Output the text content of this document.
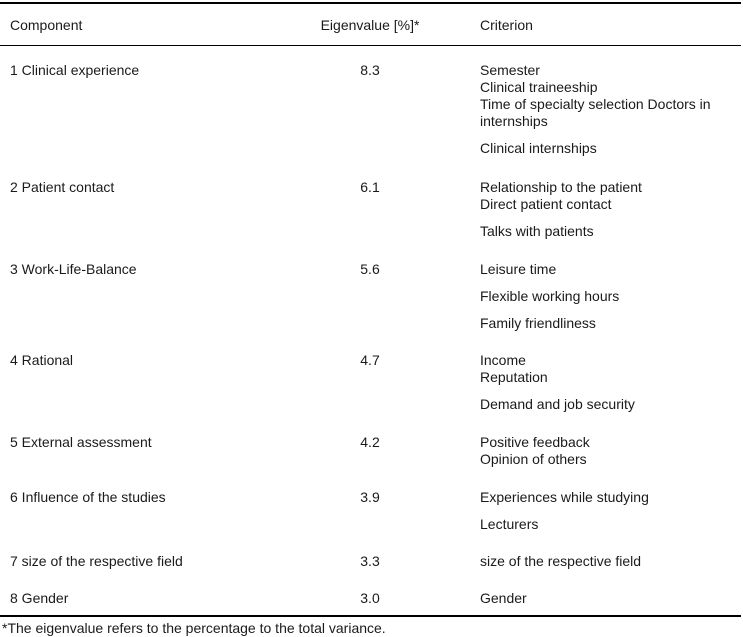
Component	Eigenvalue [%]*	Criterion
1 Clinical experience	8.3	Semester
Clinical traineeship
Time of specialty selection Doctors in internships
Clinical internships
2 Patient contact	6.1	Relationship to the patient
Direct patient contact
Talks with patients
3 Work-Life-Balance	5.6	Leisure time
Flexible working hours
Family friendliness
4 Rational	4.7	Income
Reputation
Demand and job security
5 External assessment	4.2	Positive feedback
Opinion of others
6 Influence of the studies	3.9	Experiences while studying
Lecturers
7 size of the respective field	3.3	size of the respective field
8 Gender	3.0	Gender
*The eigenvalue refers to the percentage to the total variance.
